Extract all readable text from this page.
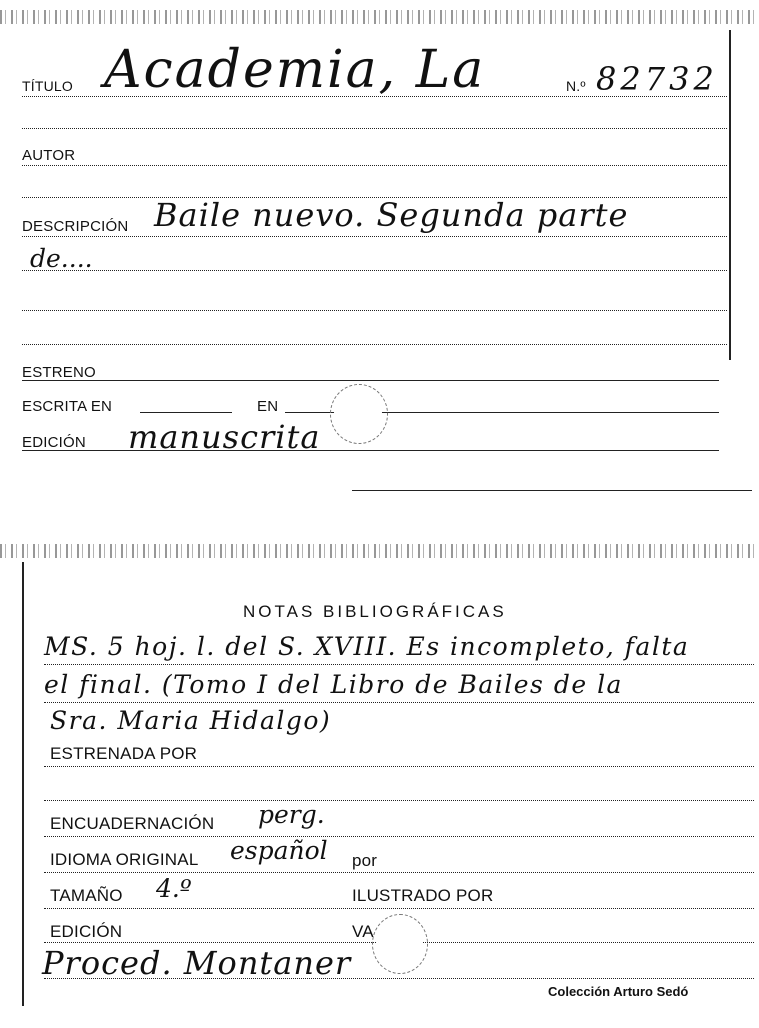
TÍTULO Academia, La	N.º 82732
AUTOR
DESCRIPCIÓN Baile nuevo. Segunda parte
de....
ESTRENO
ESCRITA EN	EN
EDICIÓN manuscrita
NOTAS BIBLIOGRÁFICAS
MS. 5 hoj. l. del S. XVIII. Es incompleto, falta
el final. (Tomo I del Libro de Bailes de la
Sra. Maria Hidalgo)
ESTRENADA POR
ENCUADERNACIÓN perg.
IDIOMA ORIGINAL español por
TAMAÑO 4.º	ILUSTRADO POR
EDICIÓN	VA
Proced. Montaner
Colección Arturo Sedó
